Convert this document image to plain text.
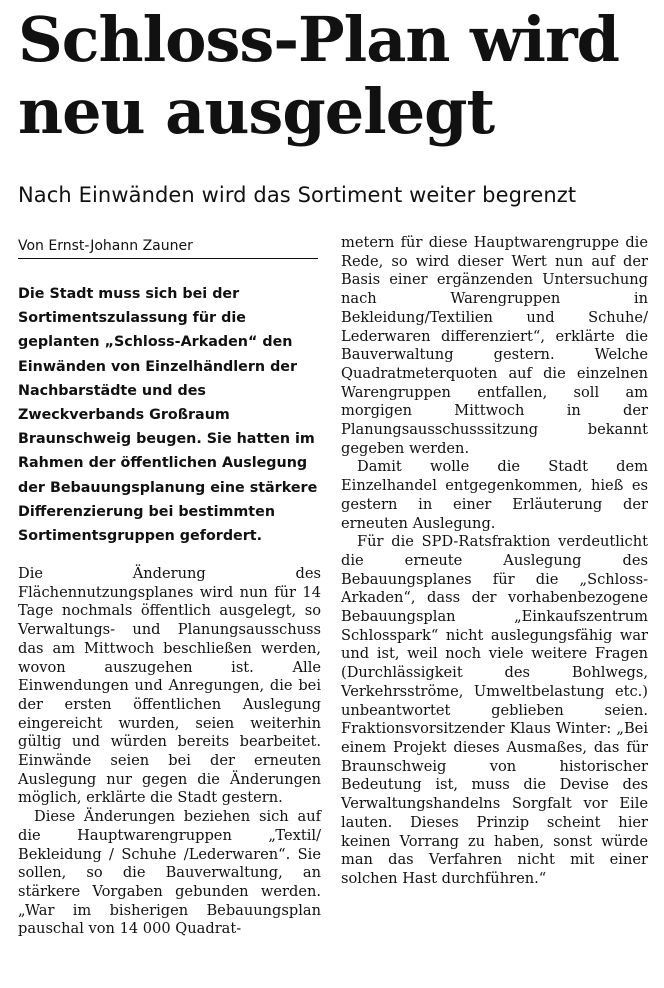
Schloss-Plan wird neu ausgelegt

Nach Einwänden wird das Sortiment weiter begrenzt

Von Ernst-Johann Zauner

Die Stadt muss sich bei der Sortimentszulassung für die geplanten „Schloss-Arkaden“ den Einwänden von Einzelhändlern der Nachbarstädte und des Zweckverbands Großraum Braunschweig beugen. Sie hatten im Rahmen der öffentlichen Auslegung der Bebauungsplanung eine stärkere Differenzierung bei bestimmten Sortimentsgruppen gefordert.

Die Änderung des Flächennutzungsplanes wird nun für 14 Tage nochmals öffentlich ausgelegt, so Verwaltungs- und Planungsausschuss das am Mittwoch beschließen werden, wovon auszugehen ist. Alle Einwendungen und Anregungen, die bei der ersten öffentlichen Auslegung eingereicht wurden, seien weiterhin gültig und würden bereits bearbeitet. Einwände seien bei der erneuten Auslegung nur gegen die Änderungen möglich, erklärte die Stadt gestern.

Diese Änderungen beziehen sich auf die Hauptwarengruppen „Textil/ Bekleidung / Schuhe /Lederwaren“. Sie sollen, so die Bauverwaltung, an stärkere Vorgaben gebunden werden. „War im bisherigen Bebauungsplan pauschal von 14 000 Quadrat-

metern für diese Hauptwarengruppe die Rede, so wird dieser Wert nun auf der Basis einer ergänzenden Untersuchung nach Warengruppen in Bekleidung/Textilien und Schuhe/ Lederwaren differenziert“, erklärte die Bauverwaltung gestern. Welche Quadratmeterquoten auf die einzelnen Warengruppen entfallen, soll am morgigen Mittwoch in der Planungsausschusssitzung bekannt gegeben werden.

Damit wolle die Stadt dem Einzelhandel entgegenkommen, hieß es gestern in einer Erläuterung der erneuten Auslegung.

Für die SPD-Ratsfraktion verdeutlicht die erneute Auslegung des Bebauungsplanes für die „Schloss-Arkaden“, dass der vorhabenbezogene Bebauungsplan „Einkaufszentrum Schlosspark“ nicht auslegungsfähig war und ist, weil noch viele weitere Fragen (Durchlässigkeit des Bohlwegs, Verkehrsströme, Umweltbelastung etc.) unbeantwortet geblieben seien. Fraktionsvorsitzender Klaus Winter: „Bei einem Projekt dieses Ausmaßes, das für Braunschweig von historischer Bedeutung ist, muss die Devise des Verwaltungshandelns Sorgfalt vor Eile lauten. Dieses Prinzip scheint hier keinen Vorrang zu haben, sonst würde man das Verfahren nicht mit einer solchen Hast durchführen.“
